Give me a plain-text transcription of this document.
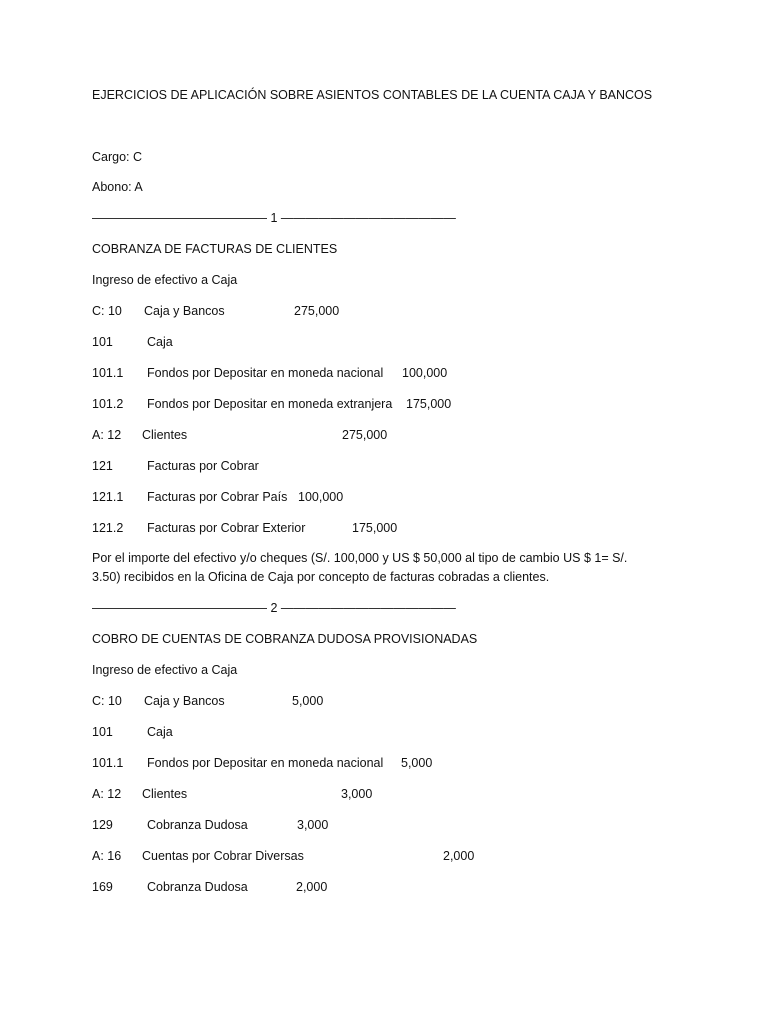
EJERCICIOS DE APLICACIÓN SOBRE ASIENTOS CONTABLES DE LA CUENTA CAJA Y BANCOS
Cargo: C
Abono: A
—————————————— 1 ——————————————
COBRANZA DE FACTURAS DE CLIENTES
Ingreso de efectivo a Caja
C: 10 Caja y Bancos	275,000
101	Caja
101.1 Fondos por Depositar en moneda nacional 100,000
101.2 Fondos por Depositar en moneda extranjera 175,000
A: 12 Clientes	275,000
121	Facturas por Cobrar
121.1 Facturas por Cobrar País 100,000
121.2 Facturas por Cobrar Exterior	175,000
Por el importe del efectivo y/o cheques (S/. 100,000 y US $ 50,000 al tipo de cambio US $ 1= S/. 3.50) recibidos en la Oficina de Caja por concepto de facturas cobradas a clientes.
—————————————— 2 ——————————————
COBRO DE CUENTAS DE COBRANZA DUDOSA PROVISIONADAS
Ingreso de efectivo a Caja
C: 10 Caja y Bancos	5,000
101	Caja
101.1 Fondos por Depositar en moneda nacional 5,000
A: 12 Clientes	3,000
129	Cobranza Dudosa	3,000
A: 16 Cuentas por Cobrar Diversas	2,000
169	Cobranza Dudosa	2,000
